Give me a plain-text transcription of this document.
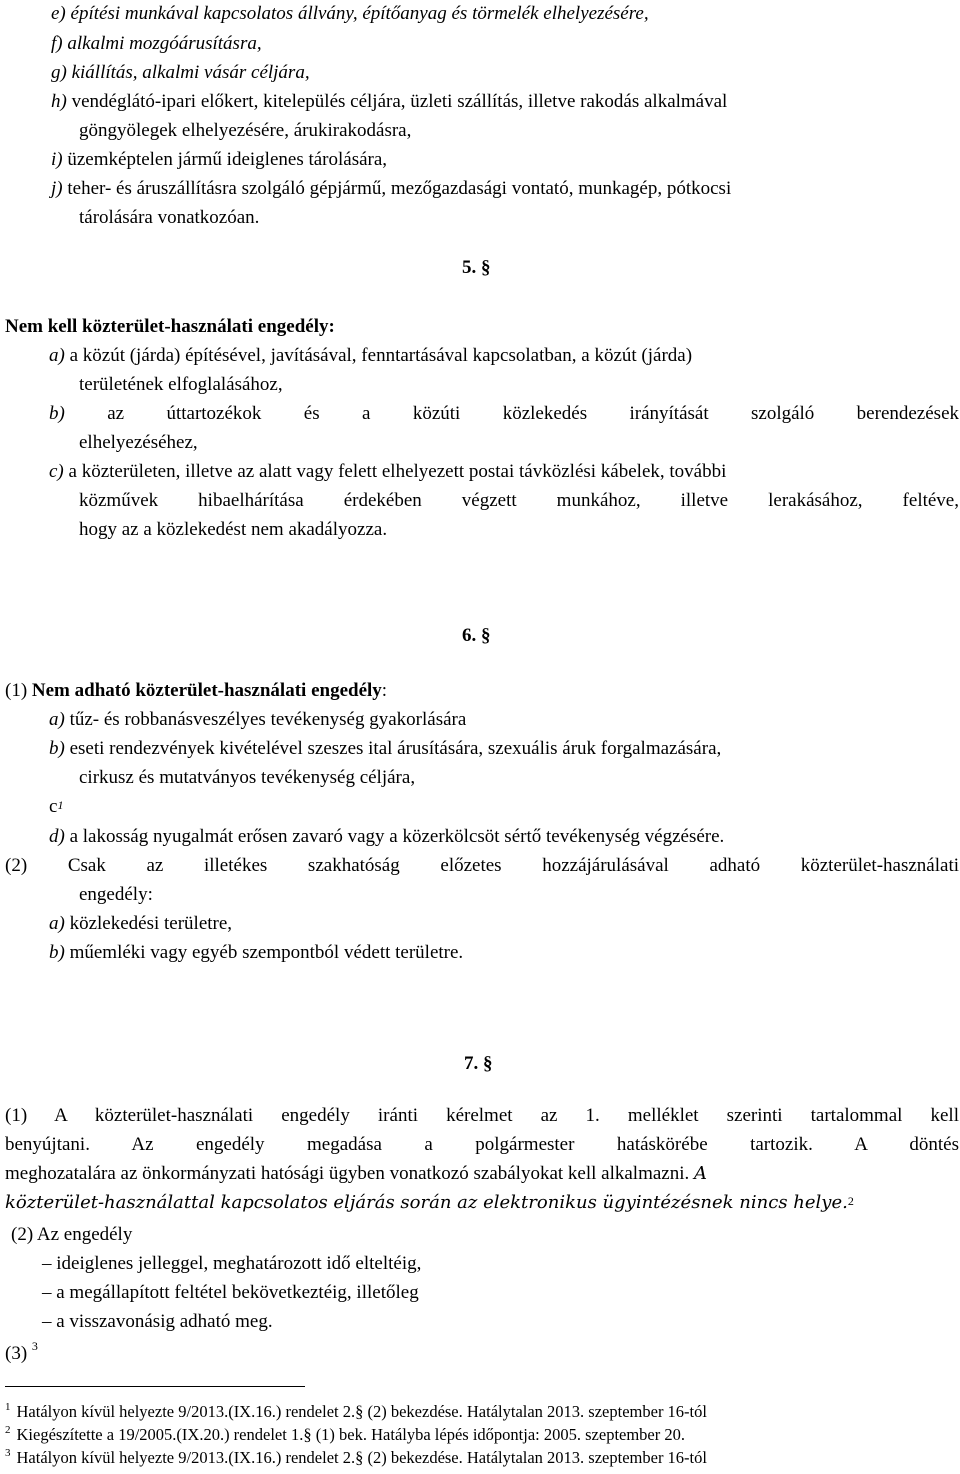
e) építési munkával kapcsolatos állvány, építőanyag és törmelék elhelyezésére,
f) alkalmi mozgóárusításra,
g) kiállítás, alkalmi vásár céljára,
h) vendéglátó-ipari előkert, kitelepülés céljára, üzleti szállítás, illetve rakodás alkalmával
göngyölegek elhelyezésére, árukirakodásra,
i) üzemképtelen jármű ideiglenes tárolására,
j) teher- és áruszállításra szolgáló gépjármű, mezőgazdasági vontató, munkagép, pótkocsi
tárolására vonatkozóan.
5. §
Nem kell közterület-használati engedély:
a) a közút (járda) építésével, javításával, fenntartásával kapcsolatban, a közút (járda)
területének elfoglalásához,
b) az úttartozékok és a közúti közlekedés irányítását szolgáló berendezések
elhelyezéséhez,
c) a közterületen, illetve az alatt vagy felett elhelyezett postai távközlési kábelek, további
közművek hibaelhárítása érdekében végzett munkához, illetve lerakásához, feltéve,
hogy az a közlekedést nem akadályozza.
6. §
(1) Nem adható közterület-használati engedély:
a) tűz- és robbanásveszélyes tevékenység gyakorlására
b) eseti rendezvények kivételével szeszes ital árusítására, szexuális áruk forgalmazására,
cirkusz és mutatványos tevékenység céljára,
$c^1$
d) a lakosság nyugalmát erősen zavaró vagy a közerkölcsöt sértő tevékenység végzésére.
(2) Csak az illetékes szakhatóság előzetes hozzájárulásával adható közterület-használati
engedély:
a) közlekedési területre,
b) műemléki vagy egyéb szempontból védett területre.
7. §
(1) A közterület-használati engedély iránti kérelmet az 1. melléklet szerinti tartalommal kell
benyújtani. Az engedély megadása a polgármester hatáskörébe tartozik. A döntés
meghozatalára az önkormányzati hatósági ügyben vonatkozó szabályokat kell alkalmazni. A
közterület-használattal kapcsolatos eljárás során az elektronikus ügyintézésnek nincs helye.$^2$
(2) Az engedély
– ideiglenes jelleggel, meghatározott idő elteltéig,
– a megállapított feltétel bekövetkeztéig, illetőleg
– a visszavonásig adható meg.
(3) $^3$
$^1$ Hatályon kívül helyezte 9/2013.(IX.16.) rendelet 2.§ (2) bekezdése. Hatálytalan 2013. szeptember 16-tól
$^2$ Kiegészítette a 19/2005.(IX.20.) rendelet 1.§ (1) bek. Hatályba lépés időpontja: 2005. szeptember 20.
$^3$ Hatályon kívül helyezte 9/2013.(IX.16.) rendelet 2.§ (2) bekezdése. Hatálytalan 2013. szeptember 16-tól
